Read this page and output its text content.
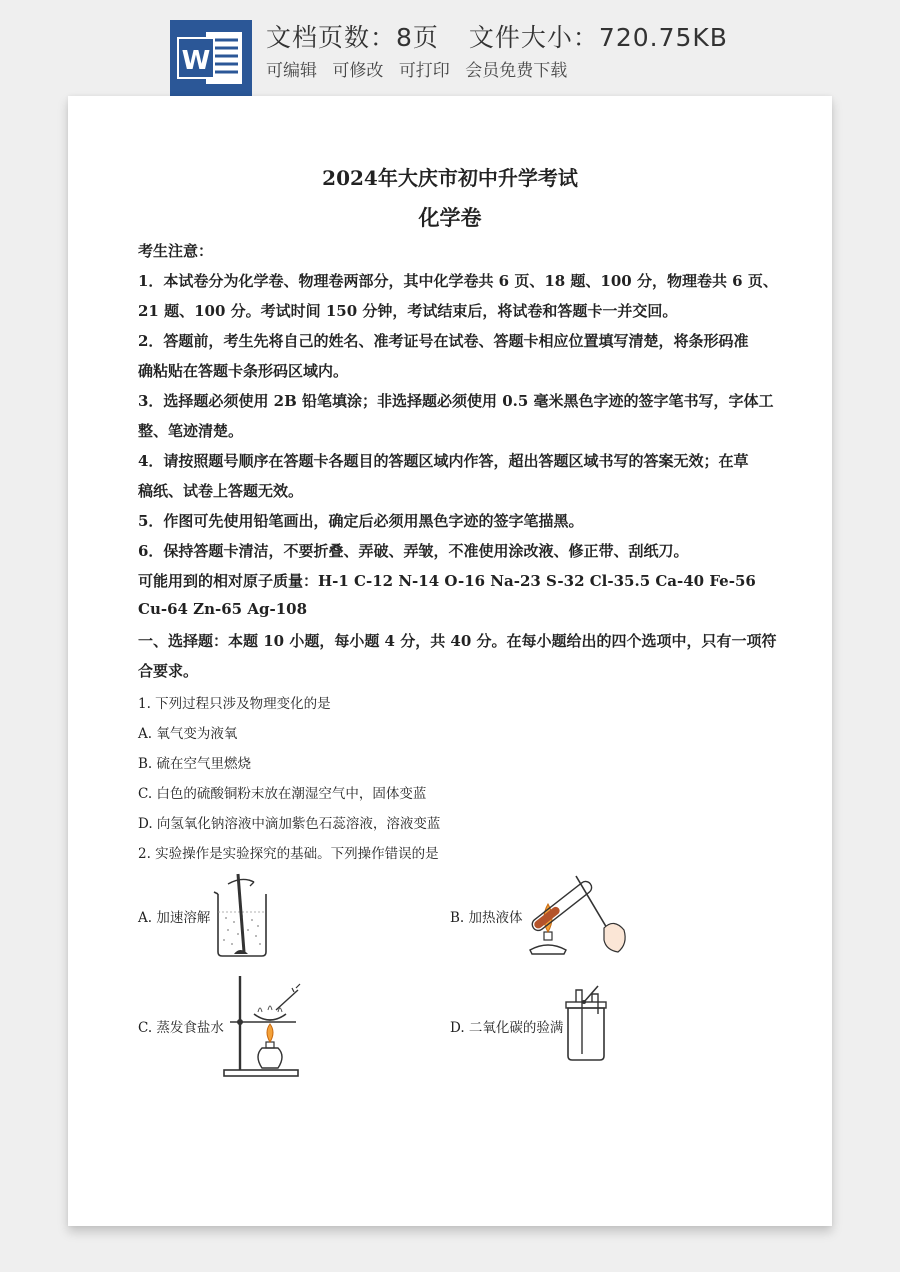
W
文档页数：8页 文件大小：720.75KB
可编辑 可修改 可打印 会员免费下载
2024年大庆市初中升学考试
化学卷
考生注意：
1．本试卷分为化学卷、物理卷两部分，其中化学卷共 6 页、18 题、100 分，物理卷共 6 页、
21 题、100 分。考试时间 150 分钟，考试结束后，将试卷和答题卡一并交回。
2．答题前，考生先将自己的姓名、准考证号在试卷、答题卡相应位置填写清楚，将条形码准
确粘贴在答题卡条形码区域内。
3．选择题必须使用 2B 铅笔填涂；非选择题必须使用 0.5 毫米黑色字迹的签字笔书写，字体工
整、笔迹清楚。
4．请按照题号顺序在答题卡各题目的答题区域内作答，超出答题区域书写的答案无效；在草
稿纸、试卷上答题无效。
5．作图可先使用铅笔画出，确定后必须用黑色字迹的签字笔描黑。
6．保持答题卡清洁，不要折叠、弄破、弄皱，不准使用涂改液、修正带、刮纸刀。
可能用到的相对原子质量：H-1 C-12 N-14 O-16 Na-23 S-32 Cl-35.5 Ca-40 Fe-56
Cu-64 Zn-65 Ag-108
一、选择题：本题 10 小题，每小题 4 分，共 40 分。在每小题给出的四个选项中，只有一项符
合要求。
1. 下列过程只涉及物理变化的是
A. 氧气变为液氧
B. 硫在空气里燃烧
C. 白色的硫酸铜粉末放在潮湿空气中，固体变蓝
D. 向氢氧化钠溶液中滴加紫色石蕊溶液，溶液变蓝
2. 实验操作是实验探究的基础。下列操作错误的是
A. 加速溶解	B. 加热液体
C. 蒸发食盐水	D. 二氧化碳的验满
